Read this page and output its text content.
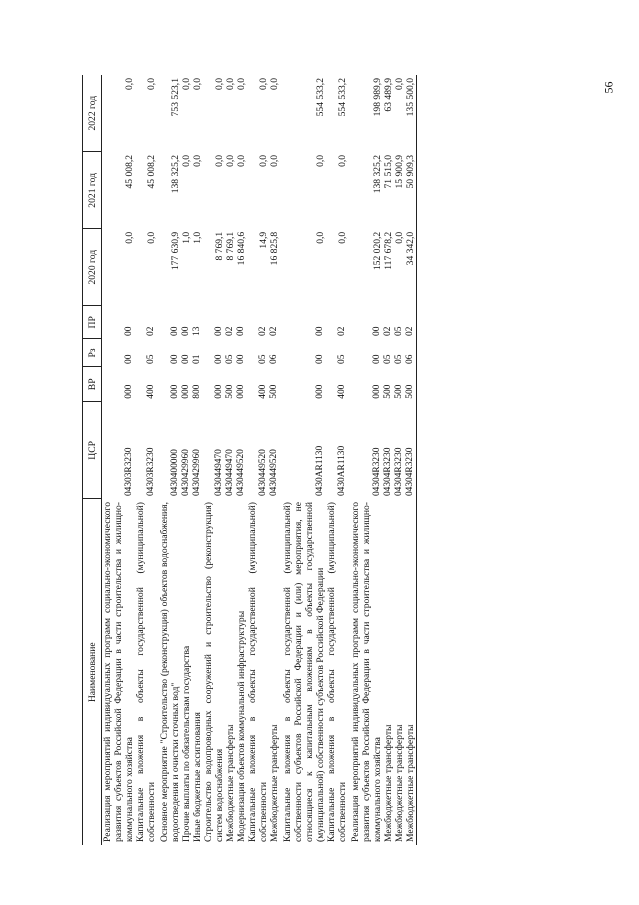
56
Наименование	ЦСР	ВР	Рз	ПР	2020 год	2021 год	2022 год
Реализация мероприятий индивидуальных программ социально-экономического развития субъектов Российской Федерации в части строительства и жилищно-коммунального хозяйства	04303R3230	000	00	00	0,0	45 008,2	0,0
Капитальные вложения в объекты государственной (муниципальной) собственности	04303R3230	400	05	02	0,0	45 008,2	0,0
Основное мероприятие "Строительство (реконструкция) объектов водоснабжения, водоотведения и очистки сточных вод"	0430400000	000	00	00	177 630,9	138 325,2	753 523,1
Прочие выплаты по обязательствам государства	0430429960	000	00	00	1,0	0,0	0,0
Иные бюджетные ассигнования	0430429960	800	01	13	1,0	0,0	0,0
Строительство водопроводных сооружений и строительство (реконструкция) систем водоснабжения	0430449470	000	00	00	8 769,1	0,0	0,0
Межбюджетные трансферты	0430449470	500	05	02	8 769,1	0,0	0,0
Модернизация объектов коммунальной инфраструктуры	0430449520	000	00	00	16 840,6	0,0	0,0
Капитальные вложения в объекты государственной (муниципальной) собственности	0430449520	400	05	02	14,9	0,0	0,0
Межбюджетные трансферты	0430449520	500	06	02	16 825,8	0,0	0,0
Капитальные вложения в объекты государственной (муниципальной) собственности субъектов Российской Федерации и (или) мероприятия, не относящиеся к капитальным вложениям в объекты государственной (муниципальной) собственности субъектов Российской Федерации	0430АR1130	000	00	00	0,0	0,0	554 533,2
Капитальные вложения в объекты государственной (муниципальной) собственности	0430АR1130	400	05	02	0,0	0,0	554 533,2
Реализация мероприятий индивидуальных программ социально-экономического развития субъектов Российской Федерации в части строительства и жилищно-коммунального хозяйства	04304R3230	000	00	00	152 020,2	138 325,2	198 989,9
Межбюджетные трансферты	04304R3230	500	05	02	117 678,2	71 515,0	63 489,9
Межбюджетные трансферты	04304R3230	500	05	05	0,0	15 900,9	0,0
Межбюджетные трансферты	04304R3230	500	06	02	34 342,0	50 909,3	135 500,0
